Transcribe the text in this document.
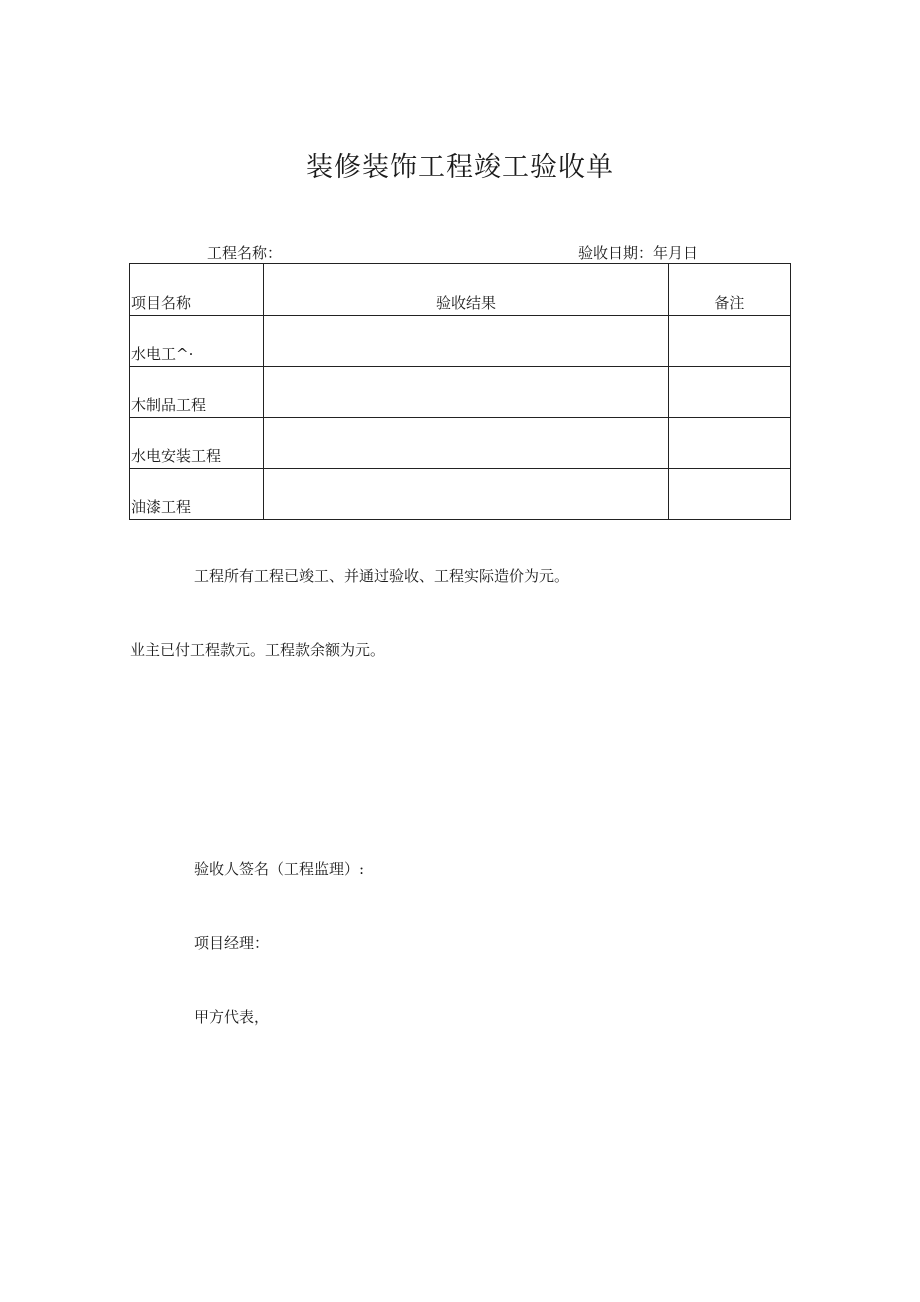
装修装饰工程竣工验收单
工程名称：	验收日期：年月日
项目名称	验收结果	备注
水电工^·		
木制品工程		
水电安装工程		
油漆工程		
工程所有工程已竣工、并通过验收、工程实际造价为元。
业主已付工程款元。工程款余额为元。
验收人签名（工程监理）:
项目经理：
甲方代表，
